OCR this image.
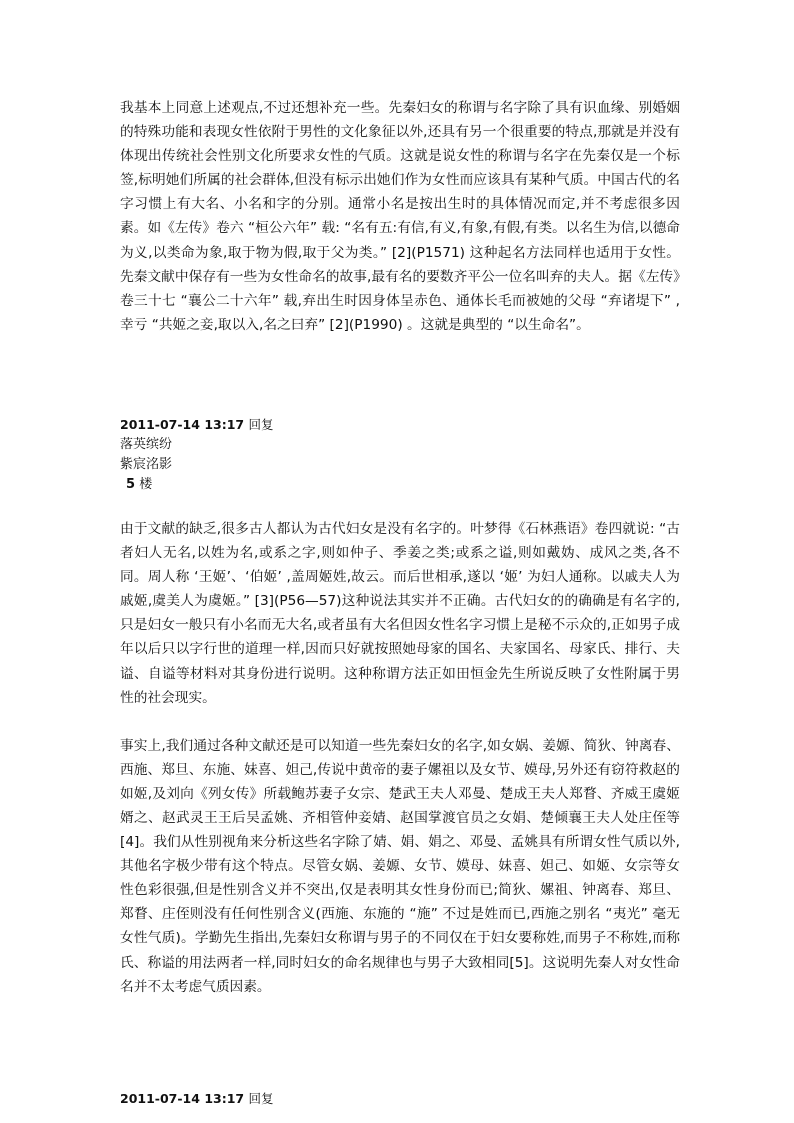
我基本上同意上述观点,不过还想补充一些。先秦妇女的称谓与名字除了具有识血缘、别婚姻的特殊功能和表现女性依附于男性的文化象征以外,还具有另一个很重要的特点,那就是并没有体现出传统社会性别文化所要求女性的气质。这就是说女性的称谓与名字在先秦仅是一个标签,标明她们所属的社会群体,但没有标示出她们作为女性而应该具有某种气质。中国古代的名字习惯上有大名、小名和字的分别。通常小名是按出生时的具体情况而定,并不考虑很多因素。如《左传》卷六 “桓公六年” 载: “名有五:有信,有义,有象,有假,有类。以名生为信,以德命为义,以类命为象,取于物为假,取于父为类。” [2](P1571) 这种起名方法同样也适用于女性。先秦文献中保存有一些为女性命名的故事,最有名的要数齐平公一位名叫弃的夫人。据《左传》卷三十七 “襄公二十六年” 载,弃出生时因身体呈赤色、通体长毛而被她的父母 “弃诸堤下” ,幸亏 “共姬之妾,取以入,名之曰弃” [2](P1990) 。这就是典型的 “以生命名”。

2011-07-14 13:17 回复
落英缤纷
紫宸洺影
5 楼

由于文献的缺乏,很多古人都认为古代妇女是没有名字的。叶梦得《石林燕语》卷四就说: “古者妇人无名,以姓为名,或系之字,则如仲子、季姜之类;或系之谥,则如戴妫、成风之类,各不同。周人称 ‘王姬’、‘伯姬’ ,盖周姬姓,故云。而后世相承,遂以 ‘姬’ 为妇人通称。以戚夫人为戚姬,虞美人为虞姬。” [3](P56—57)这种说法其实并不正确。古代妇女的的确确是有名字的,只是妇女一般只有小名而无大名,或者虽有大名但因女性名字习惯上是秘不示众的,正如男子成年以后只以字行世的道理一样,因而只好就按照她母家的国名、夫家国名、母家氏、排行、夫谥、自谥等材料对其身份进行说明。这种称谓方法正如田恒金先生所说反映了女性附属于男性的社会现实。

事实上,我们通过各种文献还是可以知道一些先秦妇女的名字,如女娲、姜嫄、简狄、钟离春、西施、郑旦、东施、妹喜、妲己,传说中黄帝的妻子嫘祖以及女节、嫫母,另外还有窃符救赵的如姬,及刘向《列女传》所载鲍苏妻子女宗、楚武王夫人邓曼、楚成王夫人郑瞀、齐威王虞姬婿之、赵武灵王王后吴孟姚、齐相管仲妾婧、赵国掌渡官员之女娟、楚倾襄王夫人处庄侄等[4]。我们从性别视角来分析这些名字除了婧、娟、娟之、邓曼、孟姚具有所谓女性气质以外,其他名字极少带有这个特点。尽管女娲、姜嫄、女节、嫫母、妹喜、妲己、如姬、女宗等女性色彩很强,但是性别含义并不突出,仅是表明其女性身份而已;简狄、嫘祖、钟离春、郑旦、郑瞀、庄侄则没有任何性别含义(西施、东施的 “施” 不过是姓而已,西施之别名 “夷光” 毫无女性气质)。学勤先生指出,先秦妇女称谓与男子的不同仅在于妇女要称姓,而男子不称姓,而称氏、称谥的用法两者一样,同时妇女的命名规律也与男子大致相同[5]。这说明先秦人对女性命名并不太考虑气质因素。

2011-07-14 13:17 回复
